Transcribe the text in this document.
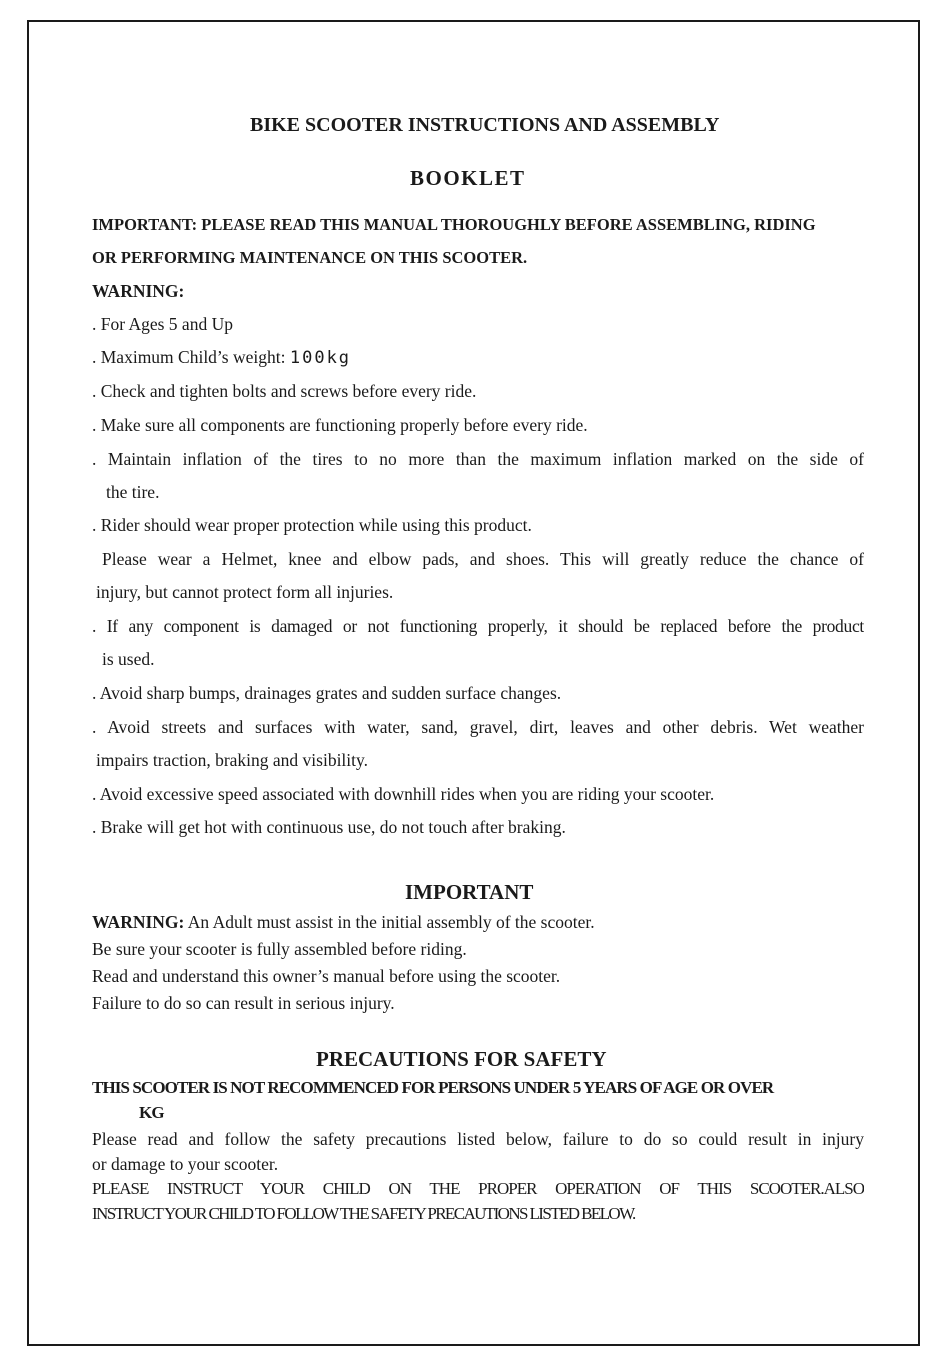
BIKE SCOOTER INSTRUCTIONS AND ASSEMBLY
BOOKLET
IMPORTANT: PLEASE READ THIS MANUAL THOROUGHLY BEFORE ASSEMBLING, RIDING
OR PERFORMING MAINTENANCE ON THIS SCOOTER.
WARNING:
. For Ages 5 and Up
. Maximum Child’s weight: 100kg
. Check and tighten bolts and screws before every ride.
. Make sure all components are functioning properly before every ride.
. Maintain inflation of the tires to no more than the maximum inflation marked on the side of
the tire.
. Rider should wear proper protection while using this product.
Please wear a Helmet, knee and elbow pads, and shoes. This will greatly reduce the chance of
injury, but cannot protect form all injuries.
. If any component is damaged or not functioning properly, it should be replaced before the product
is used.
. Avoid sharp bumps, drainages grates and sudden surface changes.
. Avoid streets and surfaces with water, sand, gravel, dirt, leaves and other debris. Wet weather
impairs traction, braking and visibility.
. Avoid excessive speed associated with downhill rides when you are riding your scooter.
. Brake will get hot with continuous use, do not touch after braking.
IMPORTANT
WARNING: An Adult must assist in the initial assembly of the scooter.
Be sure your scooter is fully assembled before riding.
Read and understand this owner’s manual before using the scooter.
Failure to do so can result in serious injury.
PRECAUTIONS FOR SAFETY
THIS SCOOTER IS NOT RECOMMENCED FOR PERSONS UNDER 5 YEARS OF AGE OR OVER
KG
Please read and follow the safety precautions listed below, failure to do so could result in injury
or damage to your scooter.
PLEASE INSTRUCT YOUR CHILD ON THE PROPER OPERATION OF THIS SCOOTER.ALSO
INSTRUCT YOUR CHILD TO FOLLOW THE SAFETY PRECAUTIONS LISTED BELOW.
